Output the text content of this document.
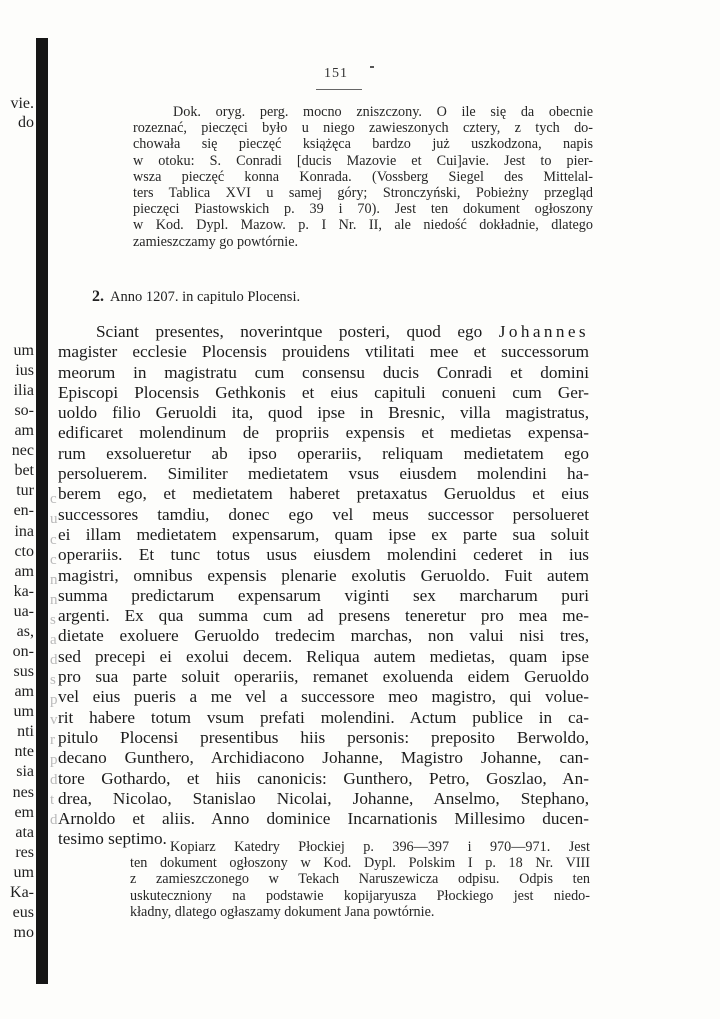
vie.
do
um
ius
ilia
so-
am
nec
bet
tur
en-
ina
cto
am
ka-
ua-
as,
on-
sus
am
um
nti
nte
sia
nes
em
ata
res
um
Ka-
eus
mo
c
u
c
c
n
n
s
a
d
s
p
v
r
p
d
t
d
151
Dok. oryg. perg. mocno zniszczony. O ile się da obecnie
rozeznać, pieczęci było u niego zawieszonych cztery, z tych do-
chowała się pieczęć książęca bardzo już uszkodzona, napis
w otoku: S. Conradi [ducis Mazovie et Cui]avie. Jest to pier-
wsza pieczęć konna Konrada. (Vossberg Siegel des Mittelal-
ters Tablica XVI u samej góry; Stronczyński, Pobieżny przegląd
pieczęci Piastowskich p. 39 i 70). Jest ten dokument ogłoszony
w Kod. Dypl. Mazow. p. I Nr. II, ale niedość dokładnie, dlatego
zamieszczamy go powtórnie.
2. Anno 1207. in capitulo Plocensi.
Sciant presentes, noverintque posteri, quod ego Johannes
magister ecclesie Plocensis prouidens vtilitati mee et successorum
meorum in magistratu cum consensu ducis Conradi et domini
Episcopi Plocensis Gethkonis et eius capituli conueni cum Ger-
uoldo filio Geruoldi ita, quod ipse in Bresnic, villa magistratus,
edificaret molendinum de propriis expensis et medietas expensa-
rum exsolueretur ab ipso operariis, reliquam medietatem ego
persoluerem. Similiter medietatem vsus eiusdem molendini ha-
berem ego, et medietatem haberet pretaxatus Geruoldus et eius
successores tamdiu, donec ego vel meus successor persolueret
ei illam medietatem expensarum, quam ipse ex parte sua soluit
operariis. Et tunc totus usus eiusdem molendini cederet in ius
magistri, omnibus expensis plenarie exolutis Geruoldo. Fuit autem
summa predictarum expensarum viginti sex marcharum puri
argenti. Ex qua summa cum ad presens teneretur pro mea me-
dietate exoluere Geruoldo tredecim marchas, non valui nisi tres,
sed precepi ei exolui decem. Reliqua autem medietas, quam ipse
pro sua parte soluit operariis, remanet exoluenda eidem Geruoldo
vel eius pueris a me vel a successore meo magistro, qui volue-
rit habere totum vsum prefati molendini. Actum publice in ca-
pitulo Plocensi presentibus hiis personis: preposito Berwoldo,
decano Gunthero, Archidiacono Johanne, Magistro Johanne, can-
tore Gothardo, et hiis canonicis: Gunthero, Petro, Goszlao, An-
drea, Nicolao, Stanislao Nicolai, Johanne, Anselmo, Stephano,
Arnoldo et aliis. Anno dominice Incarnationis Millesimo ducen-
tesimo septimo. Kopiarz Katedry Płockiej p. 396—397 i 970—971. Jest
ten dokument ogłoszony w Kod. Dypl. Polskim I p. 18 Nr. VIII
z zamieszczonego w Tekach Naruszewicza odpisu. Odpis ten
uskuteczniony na podstawie kopijaryusza Płockiego jest niedo-
kładny, dlatego ogłaszamy dokument Jana powtórnie.
